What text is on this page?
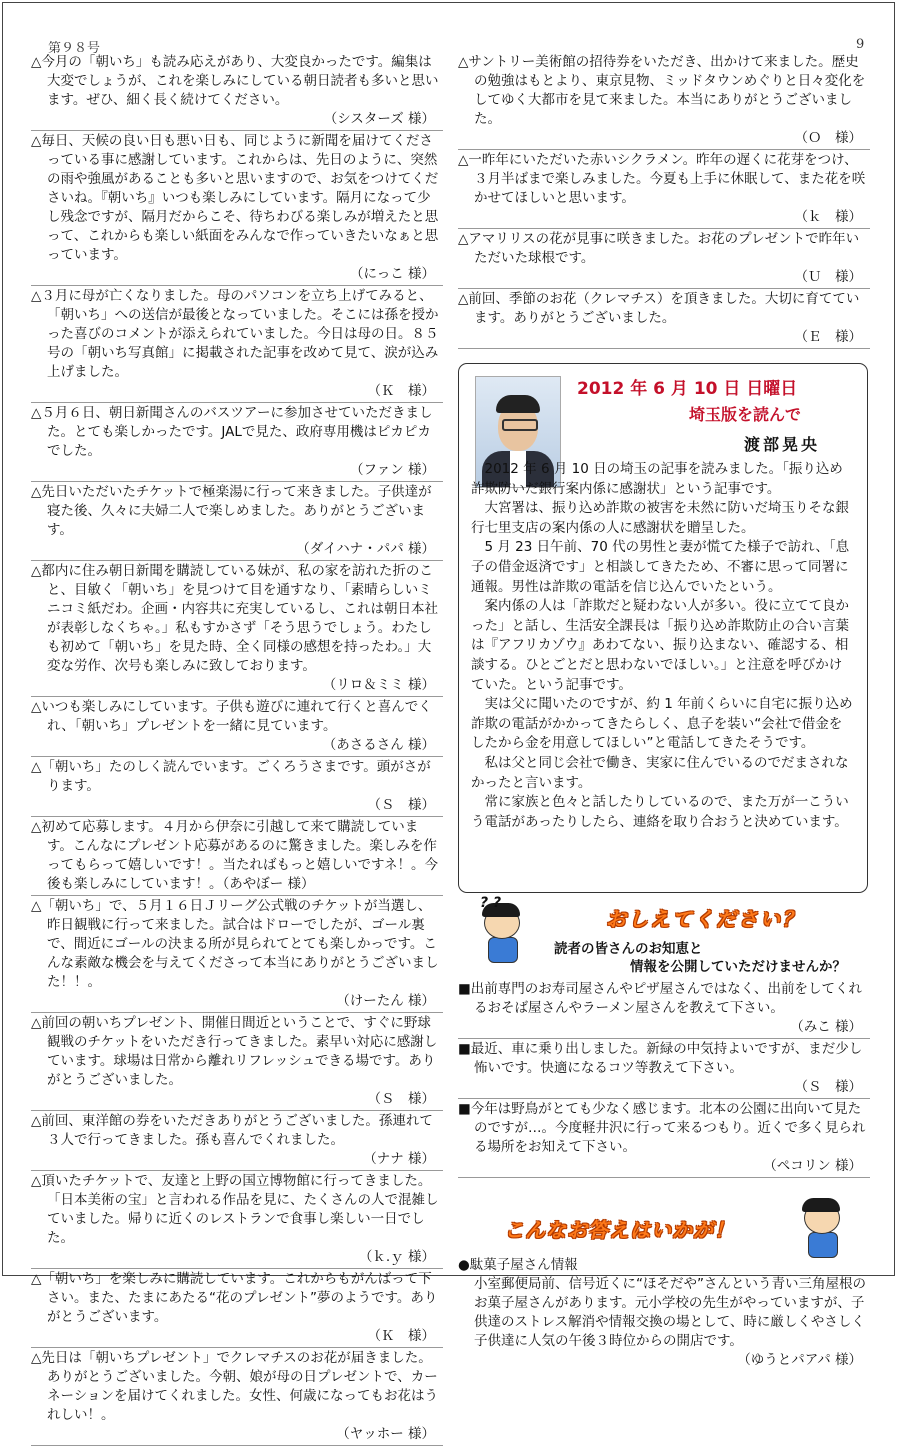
第９８号	9
△今月の「朝いち」も読み応えがあり、大変良かったです。編集は大変でしょうが、これを楽しみにしている朝日読者も多いと思います。ぜひ、細く長く続けてください。
（シスターズ 様）
△毎日、天候の良い日も悪い日も、同じように新聞を届けてくださっている事に感謝しています。これからは、先日のように、突然の雨や強風があることも多いと思いますので、お気をつけてくださいね。『朝いち』いつも楽しみにしています。隔月になって少し残念ですが、隔月だからこそ、待ちわびる楽しみが増えたと思って、これからも楽しい紙面をみんなで作っていきたいなぁと思っています。
（にっこ 様）
△３月に母が亡くなりました。母のパソコンを立ち上げてみると、「朝いち」への送信が最後となっていました。そこには孫を授かった喜びのコメントが添えられていました。今日は母の日。８５号の「朝いち写真館」に掲載された記事を改めて見て、涙が込み上げました。
（Ｋ　様）
△５月６日、朝日新聞さんのバスツアーに参加させていただきました。とても楽しかったです。JALで見た、政府専用機はピカピカでした。
（ファン 様）
△先日いただいたチケットで極楽湯に行って来きました。子供達が寝た後、久々に夫婦二人で楽しめました。ありがとうございます。
（ダイハナ・パパ 様）
△都内に住み朝日新聞を購読している妹が、私の家を訪れた折のこと、目敏く「朝いち」を見つけて目を通すなり、「素晴らしいミニコミ紙だわ。企画・内容共に充実しているし、これは朝日本社が表彰しなくちゃ。」私もすかさず「そう思うでしょう。わたしも初めて「朝いち」を見た時、全く同様の感想を持ったわ。」大変な労作、次号も楽しみに致しております。
（リロ＆ミミ 様）
△いつも楽しみにしています。子供も遊びに連れて行くと喜んでくれ、「朝いち」プレゼントを一緒に見ています。
（あさるさん 様）
△「朝いち」たのしく読んでいます。ごくろうさまです。頭がさがります。
（Ｓ　様）
△初めて応募します。４月から伊奈に引越して来て購読しています。こんなにプレゼント応募があるのに驚きました。楽しみを作ってもらって嬉しいです！。当たればもっと嬉しいですネ！。今後も楽しみにしています！。（あやぼー 様）
△「朝いち」で、５月１６日Ｊリーグ公式戦のチケットが当選し、昨日観戦に行って来ました。試合はドローでしたが、ゴール裏で、間近にゴールの決まる所が見られてとても楽しかっです。こんな素敵な機会を与えてくださって本当にありがとうございました！！。
（けーたん 様）
△前回の朝いちプレゼント、開催日間近ということで、すぐに野球観戦のチケットをいただき行ってきました。素早い対応に感謝しています。球場は日常から離れリフレッシュできる場です。ありがとうございました。
（Ｓ　様）
△前回、東洋館の券をいただきありがとうございました。孫連れて３人で行ってきました。孫も喜んでくれました。
（ナナ 様）
△頂いたチケットで、友達と上野の国立博物館に行ってきました。「日本美術の宝」と言われる作品を見に、たくさんの人で混雑していました。帰りに近くのレストランで食事し楽しい一日でした。
（ｋ.ｙ 様）
△「朝いち」を楽しみに購読しています。これからもがんばって下さい。また、たまにあたる“花のプレゼント”夢のようです。ありがとうございます。
（Ｋ　様）
△先日は「朝いちプレゼント」でクレマチスのお花が届きました。ありがとうございました。今朝、娘が母の日プレゼントで、カーネーションを届けてくれました。女性、何歳になってもお花はうれしい！。
（ヤッホー 様）
△サントリー美術館の招待券をいただき、出かけて来ました。歴史の勉強はもとより、東京見物、ミッドタウンめぐりと日々変化をしてゆく大都市を見て来ました。本当にありがとうございました。
（Ｏ　様）
△一昨年にいただいた赤いシクラメン。昨年の遅くに花芽をつけ、３月半ばまで楽しみました。今夏も上手に休眠して、また花を咲かせてほしいと思います。
（ｋ　様）
△アマリリスの花が見事に咲きました。お花のプレゼントで昨年いただいた球根です。
（Ｕ　様）
△前回、季節のお花（クレマチス）を頂きました。大切に育てています。ありがとうございました。
（Ｅ　様）
2012 年 6 月 10 日 日曜日
埼玉版を読んで
渡部晃央

2012 年 6 月 10 日の埼玉の記事を読みました。「振り込め詐欺防いだ銀行案内係に感謝状」という記事です。

大宮署は、振り込め詐欺の被害を未然に防いだ埼玉りそな銀行七里支店の案内係の人に感謝状を贈呈した。

5 月 23 日午前、70 代の男性と妻が慌てた様子で訪れ、「息子の借金返済です」と相談してきたため、不審に思って同署に通報。男性は詐欺の電話を信じ込んでいたという。

案内係の人は「詐欺だと疑わない人が多い。役に立てて良かった」と話し、生活安全課長は「振り込め詐欺防止の合い言葉は『アフリカゾウ』あわてない、振り込まない、確認する、相談する。ひとごとだと思わないでほしい。」と注意を呼びかけていた。という記事です。

実は父に聞いたのですが、約 1 年前くらいに自宅に振り込め詐欺の電話がかかってきたらしく、息子を装い“会社で借金をしたから金を用意してほしい”と電話してきたそうです。

私は父と同じ会社で働き、実家に住んでいるのでだまされなかったと言います。

常に家族と色々と話したりしているので、また万が一こういう電話があったりしたら、連絡を取り合おうと決めています。

? ?
おしえてください？
読者の皆さんのお知恵と
情報を公開していただけませんか？
■出前専門のお寿司屋さんやピザ屋さんではなく、出前をしてくれるおそば屋さんやラーメン屋さんを教えて下さい。
（みこ 様）
■最近、車に乗り出しました。新緑の中気持よいですが、まだ少し怖いです。快適になるコツ等教えて下さい。
（Ｓ　様）
■今年は野鳥がとても少なく感じます。北本の公園に出向いて見たのですが…。今度軽井沢に行って来るつもり。近くで多く見られる場所をお知えて下さい。
（ペコリン 様）
こんなお答えはいかが！
●駄菓子屋さん情報
小室郵便局前、信号近くに“ほそだや”さんという青い三角屋根のお菓子屋さんがあります。元小学校の先生がやっていますが、子供達のストレス解消や情報交換の場として、時に厳しくやさしく子供達に人気の午後３時位からの開店です。
（ゆうとパアパ 様）
